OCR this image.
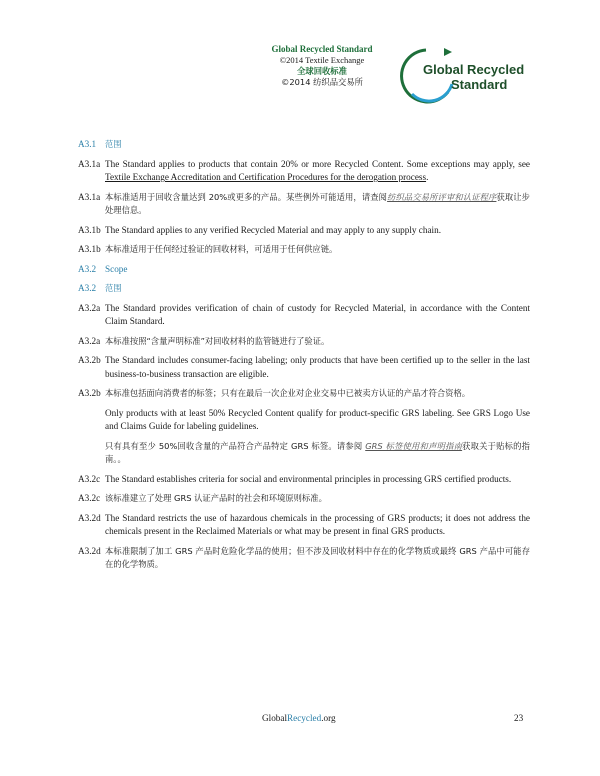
Global Recycled Standard
©2014 Textile Exchange
全球回收标准
©2014 纺织品交易所
Global Recycled
Standard
A3.1	范围
A3.1a The Standard applies to products that contain 20% or more Recycled Content. Some exceptions may apply, see Textile Exchange Accreditation and Certification Procedures for the derogation process.
A3.1a 本标准适用于回收含量达到 20%或更多的产品。某些例外可能适用，请查阅纺织品交易所评审和认证程序获取让步处理信息。
A3.1b The Standard applies to any verified Recycled Material and may apply to any supply chain.
A3.1b 本标准适用于任何经过验证的回收材料，可适用于任何供应链。
A3.2 Scope
A3.2	范围
A3.2a The Standard provides verification of chain of custody for Recycled Material, in accordance with the Content Claim Standard.
A3.2a 本标准按照“含量声明标准”对回收材料的监管链进行了验证。
A3.2b The Standard includes consumer-facing labeling; only products that have been certified up to the seller in the last business-to-business transaction are eligible.
A3.2b 本标准包括面向消费者的标签；只有在最后一次企业对企业交易中已被卖方认证的产品才符合资格。
Only products with at least 50% Recycled Content qualify for product-specific GRS labeling. See GRS Logo Use and Claims Guide for labeling guidelines.
只有具有至少 50%回收含量的产品符合产品特定 GRS 标签。请参阅 GRS 标签使用和声明指南获取关于贴标的指南。。
A3.2c The Standard establishes criteria for social and environmental principles in processing GRS certified products.
A3.2c 该标准建立了处理 GRS 认证产品时的社会和环境原则标准。
A3.2d The Standard restricts the use of hazardous chemicals in the processing of GRS products; it does not address the chemicals present in the Reclaimed Materials or what may be present in final GRS products.
A3.2d 本标准限制了加工 GRS 产品时危险化学品的使用；但不涉及回收材料中存在的化学物质或最终 GRS 产品中可能存在的化学物质。
GlobalRecycled.org	23
